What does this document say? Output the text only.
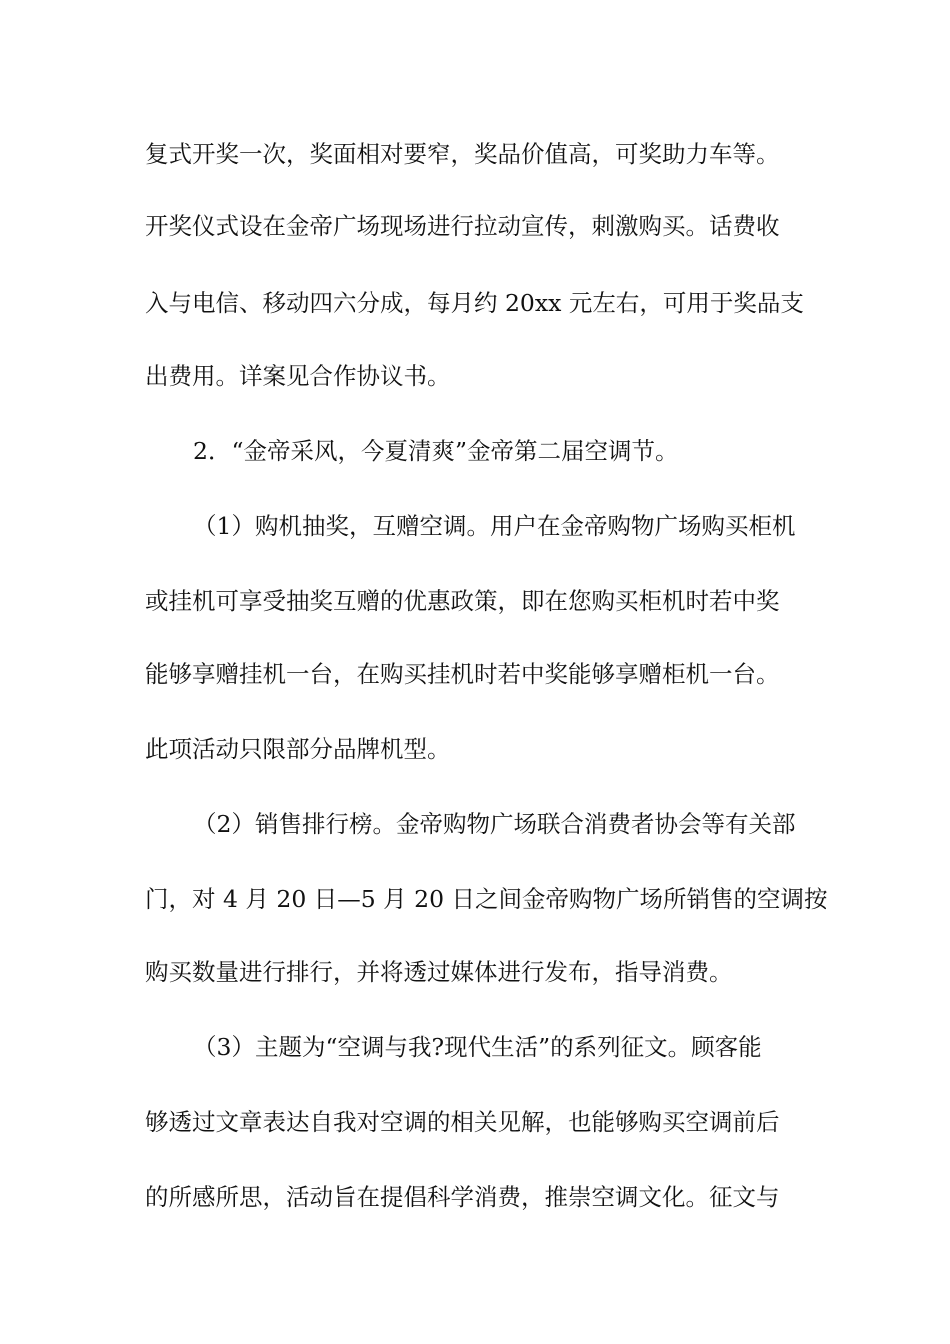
复式开奖一次，奖面相对要窄，奖品价值高，可奖助力车等。
开奖仪式设在金帝广场现场进行拉动宣传，刺激购买。话费收
入与电信、移动四六分成，每月约 20xx 元左右，可用于奖品支
出费用。详案见合作协议书。
2．“金帝采风，今夏清爽”金帝第二届空调节。
（1）购机抽奖，互赠空调。用户在金帝购物广场购买柜机
或挂机可享受抽奖互赠的优惠政策，即在您购买柜机时若中奖
能够享赠挂机一台，在购买挂机时若中奖能够享赠柜机一台。
此项活动只限部分品牌机型。
（2）销售排行榜。金帝购物广场联合消费者协会等有关部
门，对 4 月 20 日—5 月 20 日之间金帝购物广场所销售的空调按
购买数量进行排行，并将透过媒体进行发布，指导消费。
（3）主题为“空调与我?现代生活”的系列征文。顾客能
够透过文章表达自我对空调的相关见解，也能够购买空调前后
的所感所思，活动旨在提倡科学消费，推崇空调文化。征文与
